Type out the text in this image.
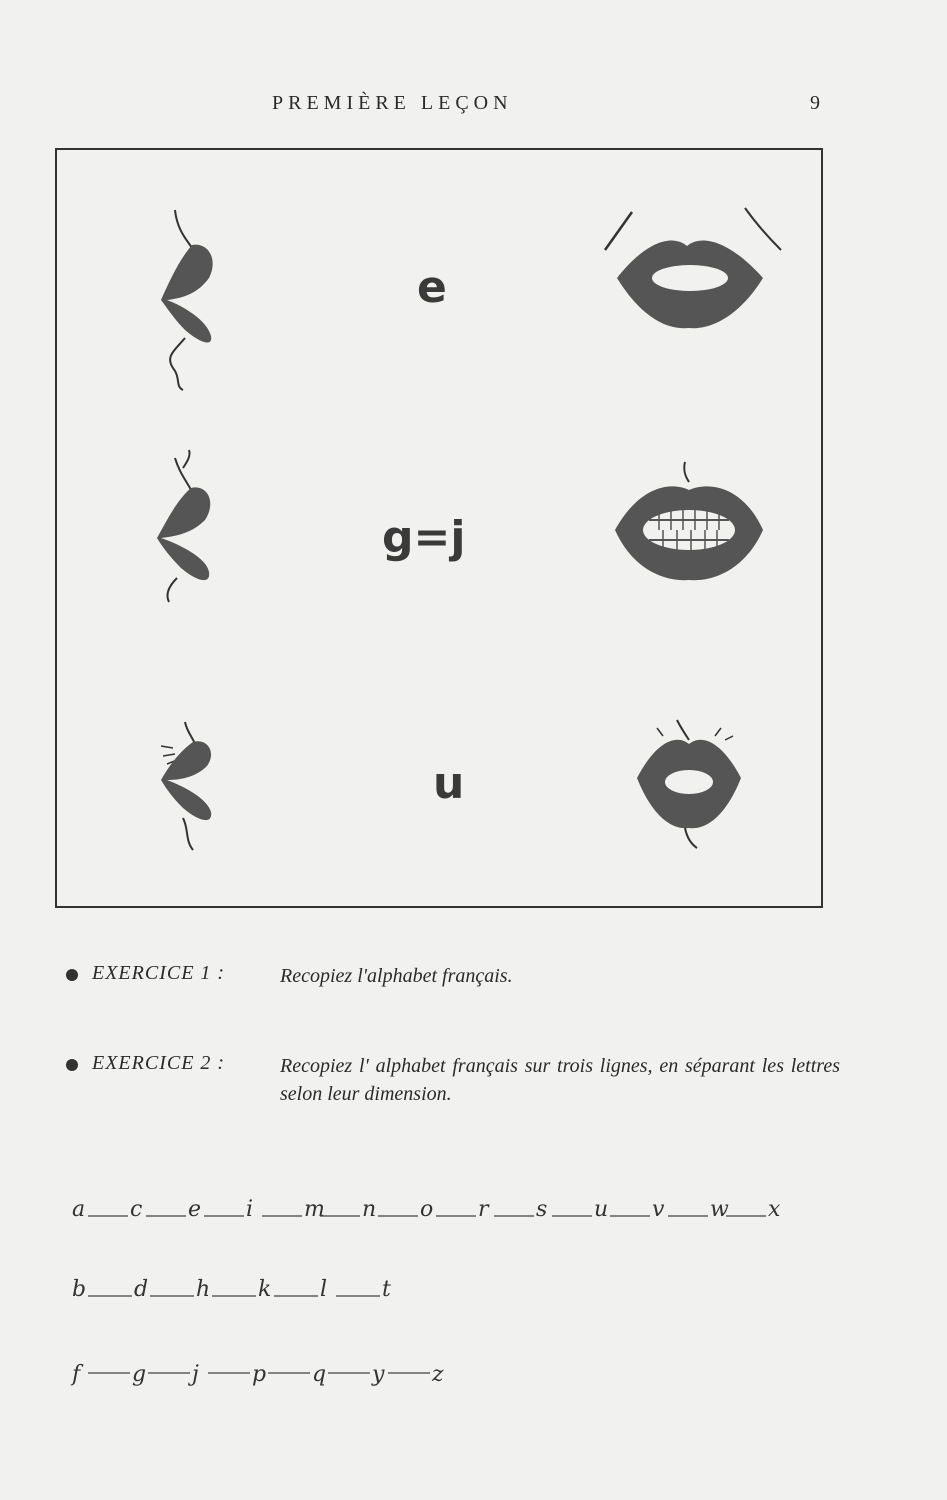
PREMIÈRE LEÇON	9
e
g=j
u
EXERCICE 1 :	Recopiez l'alphabet français.
EXERCICE 2 :	Recopiez l' alphabet français sur trois lignes, en séparant les lettres selon leur dimension.
a c e i m n o r s u v w x
b d h k l t
f g j p q y z
